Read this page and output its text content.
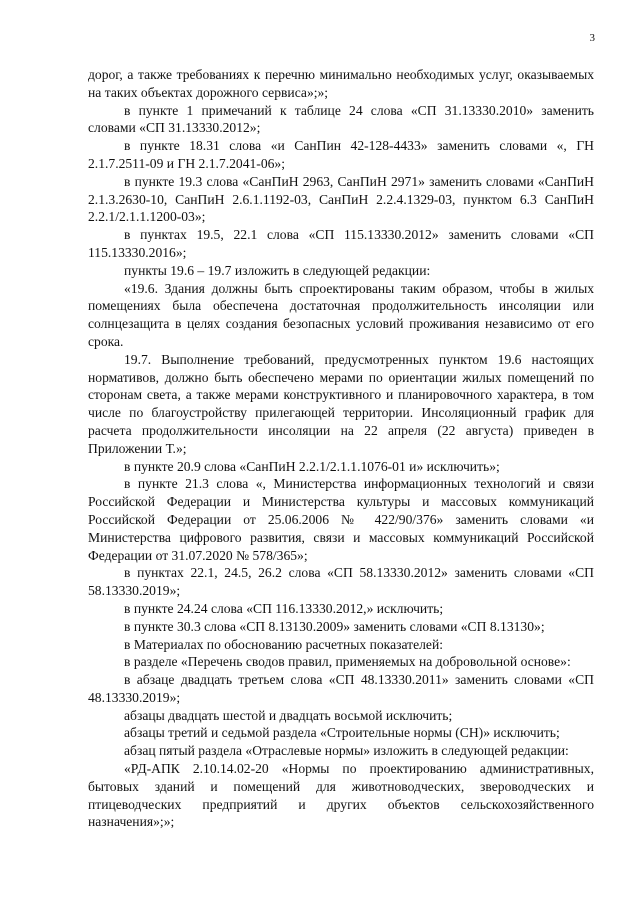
3

дорог, а также требованиях к перечню минимально необходимых услуг, оказываемых на таких объектах дорожного сервиса»;»;

в пункте 1 примечаний к таблице 24 слова «СП 31.13330.2010» заменить словами «СП 31.13330.2012»;

в пункте 18.31 слова «и СанПин 42-128-4433» заменить словами «, ГН 2.1.7.2511-09 и ГН 2.1.7.2041-06»;

в пункте 19.3 слова «СанПиН 2963, СанПиН 2971» заменить словами «СанПиН 2.1.3.2630-10, СанПиН 2.6.1.1192-03, СанПиН 2.2.4.1329-03, пунктом 6.3 СанПиН 2.2.1/2.1.1.1200-03»;

в пунктах 19.5, 22.1 слова «СП 115.13330.2012» заменить словами «СП 115.13330.2016»;

пункты 19.6 – 19.7 изложить в следующей редакции:

«19.6. Здания должны быть спроектированы таким образом, чтобы в жилых помещениях была обеспечена достаточная продолжительность инсоляции или солнцезащита в целях создания безопасных условий проживания независимо от его срока.

19.7. Выполнение требований, предусмотренных пунктом 19.6 настоящих нормативов, должно быть обеспечено мерами по ориентации жилых помещений по сторонам света, а также мерами конструктивного и планировочного характера, в том числе по благоустройству прилегающей территории. Инсоляционный график для расчета продолжительности инсоляции на 22 апреля (22 августа) приведен в Приложении Т.»;

в пункте 20.9 слова «СанПиН 2.2.1/2.1.1.1076-01 и» исключить»;

в пункте 21.3 слова «, Министерства информационных технологий и связи Российской Федерации и Министерства культуры и массовых коммуникаций Российской Федерации от 25.06.2006 № 422/90/376» заменить словами «и Министерства цифрового развития, связи и массовых коммуникаций Российской Федерации от 31.07.2020 № 578/365»;

в пунктах 22.1, 24.5, 26.2 слова «СП 58.13330.2012» заменить словами «СП 58.13330.2019»;

в пункте 24.24 слова «СП 116.13330.2012,» исключить;

в пункте 30.3 слова «СП 8.13130.2009» заменить словами «СП 8.13130»;

в Материалах по обоснованию расчетных показателей:

в разделе «Перечень сводов правил, применяемых на добровольной основе»:

в абзаце двадцать третьем слова «СП 48.13330.2011» заменить словами «СП 48.13330.2019»;

абзацы двадцать шестой и двадцать восьмой исключить;

абзацы третий и седьмой раздела «Строительные нормы (СН)» исключить;

абзац пятый раздела «Отраслевые нормы» изложить в следующей редакции:

«РД-АПК 2.10.14.02-20 «Нормы по проектированию административных, бытовых зданий и помещений для животноводческих, звероводческих и птицеводческих предприятий и других объектов сельскохозяйственного назначения»;»;
